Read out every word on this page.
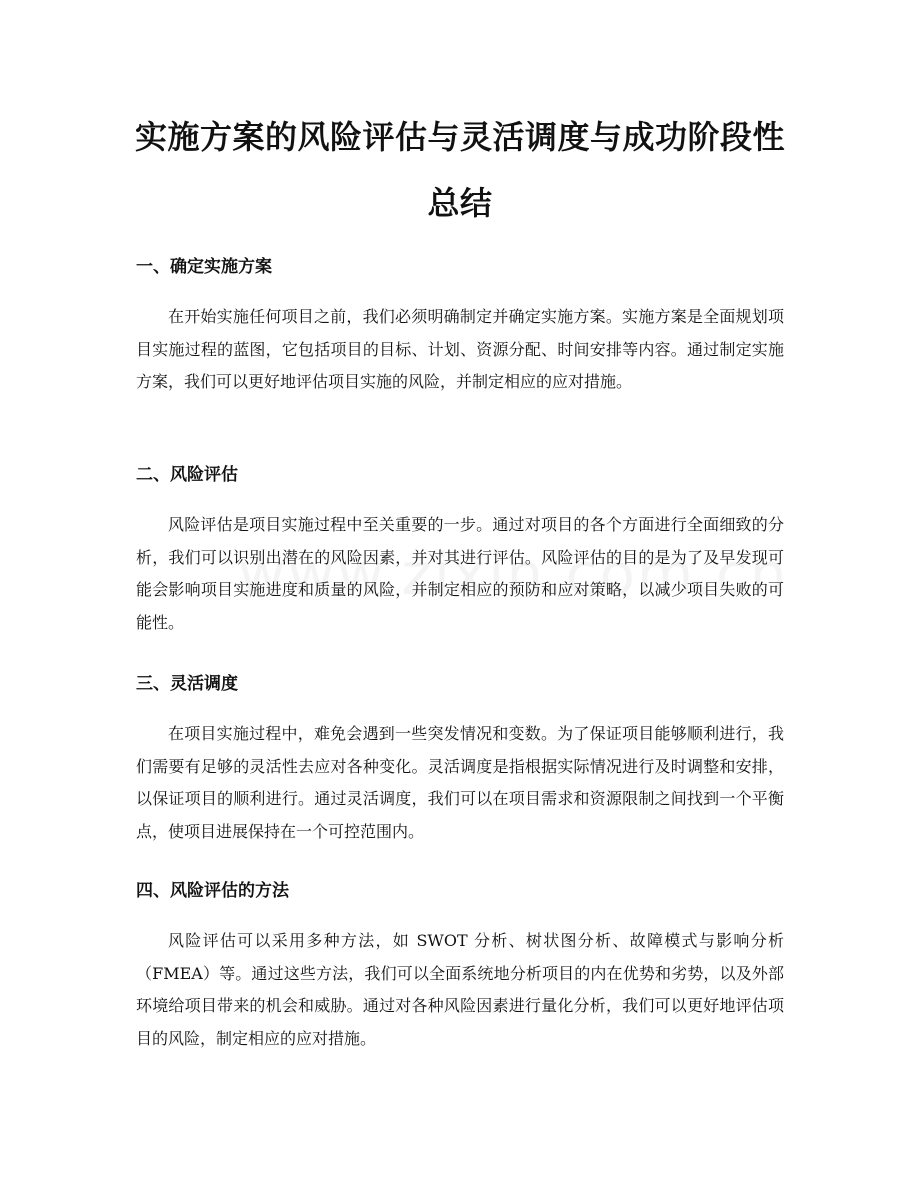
实施方案的风险评估与灵活调度与成功阶段性总结
一、确定实施方案

在开始实施任何项目之前，我们必须明确制定并确定实施方案。实施方案是全面规划项目实施过程的蓝图，它包括项目的目标、计划、资源分配、时间安排等内容。通过制定实施方案，我们可以更好地评估项目实施的风险，并制定相应的应对措施。

二、风险评估

风险评估是项目实施过程中至关重要的一步。通过对项目的各个方面进行全面细致的分析，我们可以识别出潜在的风险因素，并对其进行评估。风险评估的目的是为了及早发现可能会影响项目实施进度和质量的风险，并制定相应的预防和应对策略，以减少项目失败的可能性。

三、灵活调度

在项目实施过程中，难免会遇到一些突发情况和变数。为了保证项目能够顺利进行，我们需要有足够的灵活性去应对各种变化。灵活调度是指根据实际情况进行及时调整和安排，以保证项目的顺利进行。通过灵活调度，我们可以在项目需求和资源限制之间找到一个平衡点，使项目进展保持在一个可控范围内。

四、风险评估的方法

风险评估可以采用多种方法，如 SWOT 分析、树状图分析、故障模式与影响分析（FMEA）等。通过这些方法，我们可以全面系统地分析项目的内在优势和劣势，以及外部环境给项目带来的机会和威胁。通过对各种风险因素进行量化分析，我们可以更好地评估项目的风险，制定相应的应对措施。
